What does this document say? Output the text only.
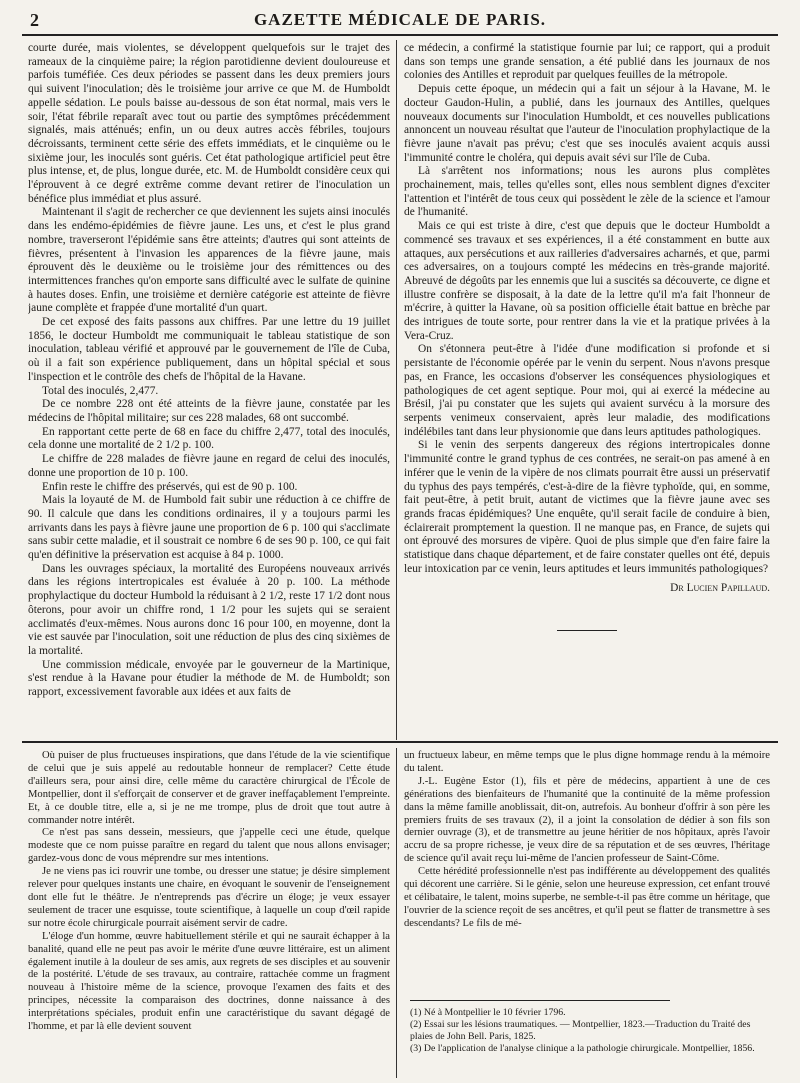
2	GAZETTE MÉDICALE DE PARIS.

courte durée, mais violentes, se développent quelquefois sur le trajet des rameaux de la cinquième paire; la région parotidienne devient douloureuse et parfois tuméfiée. Ces deux périodes se passent dans les deux premiers jours qui suivent l'inoculation; dès le troisième jour arrive ce que M. de Humboldt appelle sédation. Le pouls baisse au-dessous de son état normal, mais vers le soir, l'état fébrile reparaît avec tout ou partie des symptômes précédemment signalés, mais atténués; enfin, un ou deux autres accès fébriles, toujours décroissants, terminent cette série des effets immédiats, et le cinquième ou le sixième jour, les inoculés sont guéris. Cet état pathologique artificiel peut être plus intense, et, de plus, longue durée, etc. M. de Humboldt considère ceux qui l'éprouvent à ce degré extrême comme devant retirer de l'inoculation un bénéfice plus immédiat et plus assuré.

Maintenant il s'agit de rechercher ce que deviennent les sujets ainsi inoculés dans les endémo-épidémies de fièvre jaune. Les uns, et c'est le plus grand nombre, traverseront l'épidémie sans être atteints; d'autres qui sont atteints de fièvres, présentent à l'invasion les apparences de la fièvre jaune, mais éprouvent dès le deuxième ou le troisième jour des rémittences ou des intermittences franches qu'on emporte sans difficulté avec le sulfate de quinine à hautes doses. Enfin, une troisième et dernière catégorie est atteinte de fièvre jaune complète et frappée d'une mortalité d'un quart.

De cet exposé des faits passons aux chiffres. Par une lettre du 19 juillet 1856, le docteur Humboldt me communiquait le tableau statistique de son inoculation, tableau vérifié et approuvé par le gouvernement de l'île de Cuba, où il a fait son expérience publiquement, dans un hôpital spécial et sous l'inspection et le contrôle des chefs de l'hôpital de la Havane.

Total des inoculés, 2,477.

De ce nombre 228 ont été atteints de la fièvre jaune, constatée par les médecins de l'hôpital militaire; sur ces 228 malades, 68 ont succombé.

En rapportant cette perte de 68 en face du chiffre 2,477, total des inoculés, cela donne une mortalité de 2 1/2 p. 100.

Le chiffre de 228 malades de fièvre jaune en regard de celui des inoculés, donne une proportion de 10 p. 100.

Enfin reste le chiffre des préservés, qui est de 90 p. 100.

Mais la loyauté de M. de Humbold fait subir une réduction à ce chiffre de 90. Il calcule que dans les conditions ordinaires, il y a toujours parmi les arrivants dans les pays à fièvre jaune une proportion de 6 p. 100 qui s'acclimate sans subir cette maladie, et il soustrait ce nombre 6 de ses 90 p. 100, ce qui fait qu'en définitive la préservation est acquise à 84 p. 1000.

Dans les ouvrages spéciaux, la mortalité des Européens nouveaux arrivés dans les régions intertropicales est évaluée à 20 p. 100. La méthode prophylactique du docteur Humbold la réduisant à 2 1/2, reste 17 1/2 dont nous ôterons, pour avoir un chiffre rond, 1 1/2 pour les sujets qui se seraient acclimatés d'eux-mêmes. Nous aurons donc 16 pour 100, en moyenne, dont la vie est sauvée par l'inoculation, soit une réduction de plus des cinq sixièmes de la mortalité.

Une commission médicale, envoyée par le gouverneur de la Martinique, s'est rendue à la Havane pour étudier la méthode de M. de Humboldt; son rapport, excessivement favorable aux idées et aux faits de

ce médecin, a confirmé la statistique fournie par lui; ce rapport, qui a produit dans son temps une grande sensation, a été publié dans les journaux de nos colonies des Antilles et reproduit par quelques feuilles de la métropole.

Depuis cette époque, un médecin qui a fait un séjour à la Havane, M. le docteur Gaudon-Hulin, a publié, dans les journaux des Antilles, quelques nouveaux documents sur l'inoculation Humboldt, et ces nouvelles publications annoncent un nouveau résultat que l'auteur de l'inoculation prophylactique de la fièvre jaune n'avait pas prévu; c'est que ses inoculés avaient acquis aussi l'immunité contre le choléra, qui depuis avait sévi sur l'île de Cuba.

Là s'arrêtent nos informations; nous les aurons plus complètes prochainement, mais, telles qu'elles sont, elles nous semblent dignes d'exciter l'attention et l'intérêt de tous ceux qui possèdent le zèle de la science et l'amour de l'humanité.

Mais ce qui est triste à dire, c'est que depuis que le docteur Humboldt a commencé ses travaux et ses expériences, il a été constamment en butte aux attaques, aux persécutions et aux railleries d'adversaires acharnés, et que, parmi ces adversaires, on a toujours compté les médecins en très-grande majorité. Abreuvé de dégoûts par les ennemis que lui a suscités sa découverte, ce digne et illustre confrère se disposait, à la date de la lettre qu'il m'a fait l'honneur de m'écrire, à quitter la Havane, où sa position officielle était battue en brèche par des intrigues de toute sorte, pour rentrer dans la vie et la pratique privées à la Vera-Cruz.

On s'étonnera peut-être à l'idée d'une modification si profonde et si persistante de l'économie opérée par le venin du serpent. Nous n'avons presque pas, en France, les occasions d'observer les conséquences physiologiques et pathologiques de cet agent septique. Pour moi, qui ai exercé la médecine au Brésil, j'ai pu constater que les sujets qui avaient survécu à la morsure des serpents venimeux conservaient, après leur maladie, des modifications indélébiles tant dans leur physionomie que dans leurs aptitudes pathologiques.

Si le venin des serpents dangereux des régions intertropicales donne l'immunité contre le grand typhus de ces contrées, ne serait-on pas amené à en inférer que le venin de la vipère de nos climats pourrait être aussi un préservatif du typhus des pays tempérés, c'est-à-dire de la fièvre typhoïde, qui, en somme, fait peut-être, à petit bruit, autant de victimes que la fièvre jaune avec ses grands fracas épidémiques? Une enquête, qu'il serait facile de conduire à bien, éclairerait promptement la question. Il ne manque pas, en France, de sujets qui ont éprouvé des morsures de vipère. Quoi de plus simple que d'en faire faire la statistique dans chaque département, et de faire constater quelles ont été, depuis leur intoxication par ce venin, leurs aptitudes et leurs immunités pathologiques?

Dr Lucien Papillaud.

Où puiser de plus fructueuses inspirations, que dans l'étude de la vie scientifique de celui que je suis appelé au redoutable honneur de remplacer? Cette étude d'ailleurs sera, pour ainsi dire, celle même du caractère chirurgical de l'École de Montpellier, dont il s'efforçait de conserver et de graver ineffaçablement l'empreinte. Et, à ce double titre, elle a, si je ne me trompe, plus de droit que tout autre à commander notre intérêt.

Ce n'est pas sans dessein, messieurs, que j'appelle ceci une étude, quelque modeste que ce nom puisse paraître en regard du talent que nous allons envisager; gardez-vous donc de vous méprendre sur mes intentions.

Je ne viens pas ici rouvrir une tombe, ou dresser une statue; je désire simplement relever pour quelques instants une chaire, en évoquant le souvenir de l'enseignement dont elle fut le théâtre. Je n'entreprends pas d'écrire un éloge; je veux essayer seulement de tracer une esquisse, toute scientifique, à laquelle un coup d'œil rapide sur notre école chirurgicale pourrait aisément servir de cadre.

L'éloge d'un homme, œuvre habituellement stérile et qui ne saurait échapper à la banalité, quand elle ne peut pas avoir le mérite d'une œuvre littéraire, est un aliment également inutile à la douleur de ses amis, aux regrets de ses disciples et au souvenir de la postérité. L'étude de ses travaux, au contraire, rattachée comme un fragment nouveau à l'histoire même de la science, provoque l'examen des faits et des principes, nécessite la comparaison des doctrines, donne naissance à des interprétations spéciales, produit enfin une caractéristique du savant dégagé de l'homme, et par là elle devient souvent

un fructueux labeur, en même temps que le plus digne hommage rendu à la mémoire du talent.

J.-L. Eugène Estor (1), fils et père de médecins, appartient à une de ces générations des bienfaiteurs de l'humanité que la continuité de la même profession dans la même famille anoblissait, dit-on, autrefois. Au bonheur d'offrir à son père les premiers fruits de ses travaux (2), il a joint la consolation de dédier à son fils son dernier ouvrage (3), et de transmettre au jeune héritier de nos hôpitaux, après l'avoir accru de sa propre richesse, je veux dire de sa réputation et de ses œuvres, l'héritage de science qu'il avait reçu lui-même de l'ancien professeur de Saint-Côme.

Cette hérédité professionnelle n'est pas indifférente au développement des qualités qui décorent une carrière. Si le génie, selon une heureuse expression, cet enfant trouvé et célibataire, le talent, moins superbe, ne semble-t-il pas être comme un héritage, que l'ouvrier de la science reçoit de ses ancêtres, et qu'il peut se flatter de transmettre à ses descendants? Le fils de mé-

(1) Né à Montpellier le 10 février 1796.
(2) Essai sur les lésions traumatiques. — Montpellier, 1823.—Traduction du Traité des plaies de John Bell. Paris, 1825.
(3) De l'application de l'analyse clinique a la pathologie chirurgicale. Montpellier, 1856.
